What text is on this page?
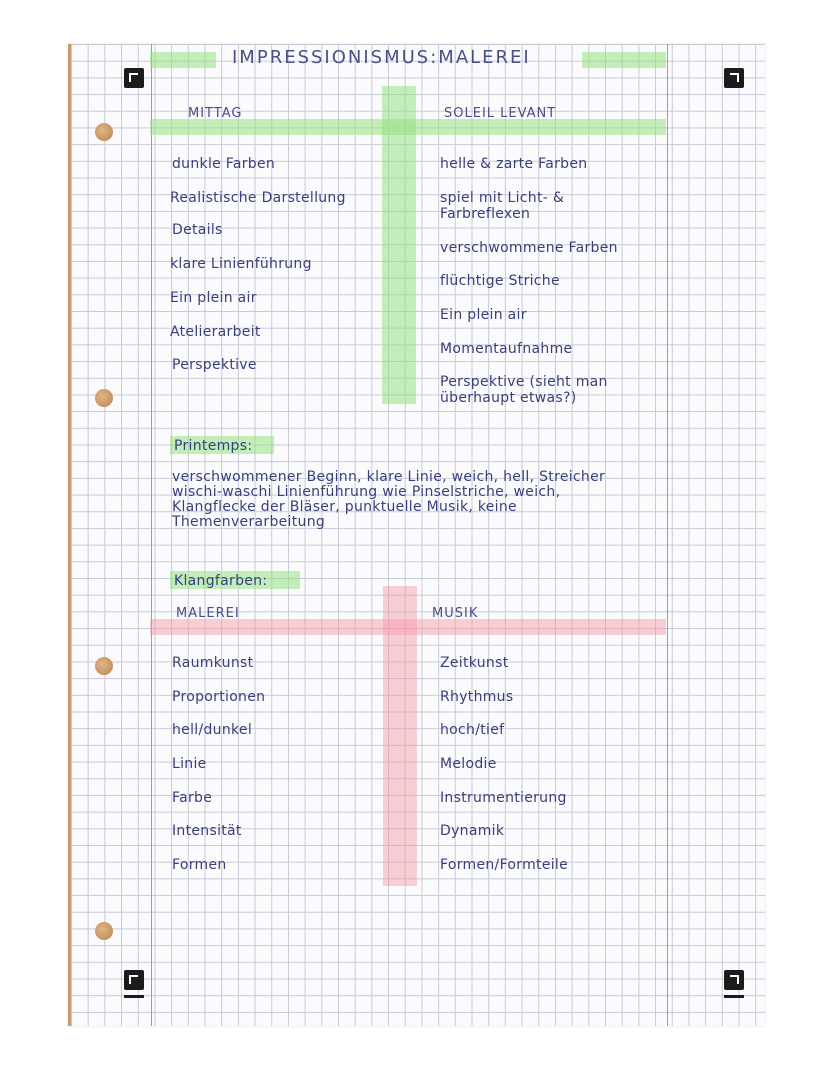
IMPRESSIONISMUS:MALEREI
MITTAG	SOLEIL LEVANT
dunkle Farben
Realistische Darstellung
Details
klare Linienführung
Ein plein air
Atelierarbeit
Perspektive
helle & zarte Farben
spiel mit Licht- & Farbreflexen
verschwommene Farben
flüchtige Striche
Ein plein air
Momentaufnahme
Perspektive (sieht man überhaupt etwas?)
Printemps:
verschwommener Beginn, klare Linie, weich, hell, Streicher wischi-waschi Linienführung wie Pinselstriche, weich, Klangflecke der Bläser, punktuelle Musik, keine Themenverarbeitung
Klangfarben:
MALEREI	MUSIK
Raumkunst
Proportionen
hell/dunkel
Linie
Farbe
Intensität
Formen
Zeitkunst
Rhythmus
hoch/tief
Melodie
Instrumentierung
Dynamik
Formen/Formteile
